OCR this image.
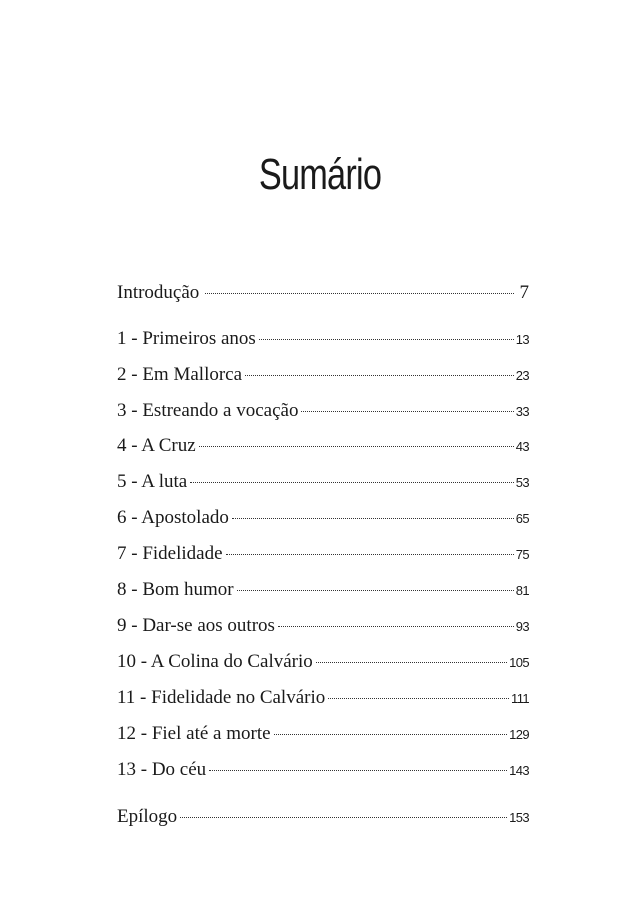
Sumário
Introdução	7
1 - Primeiros anos	13
2 - Em Mallorca	23
3 - Estreando a vocação	33
4 - A Cruz	43
5 - A luta	53
6 - Apostolado	65
7 - Fidelidade	75
8 - Bom humor	81
9 - Dar-se aos outros	93
10 - A Colina do Calvário	105
11 - Fidelidade no Calvário	111
12 - Fiel até a morte	129
13 - Do céu	143
Epílogo	153
